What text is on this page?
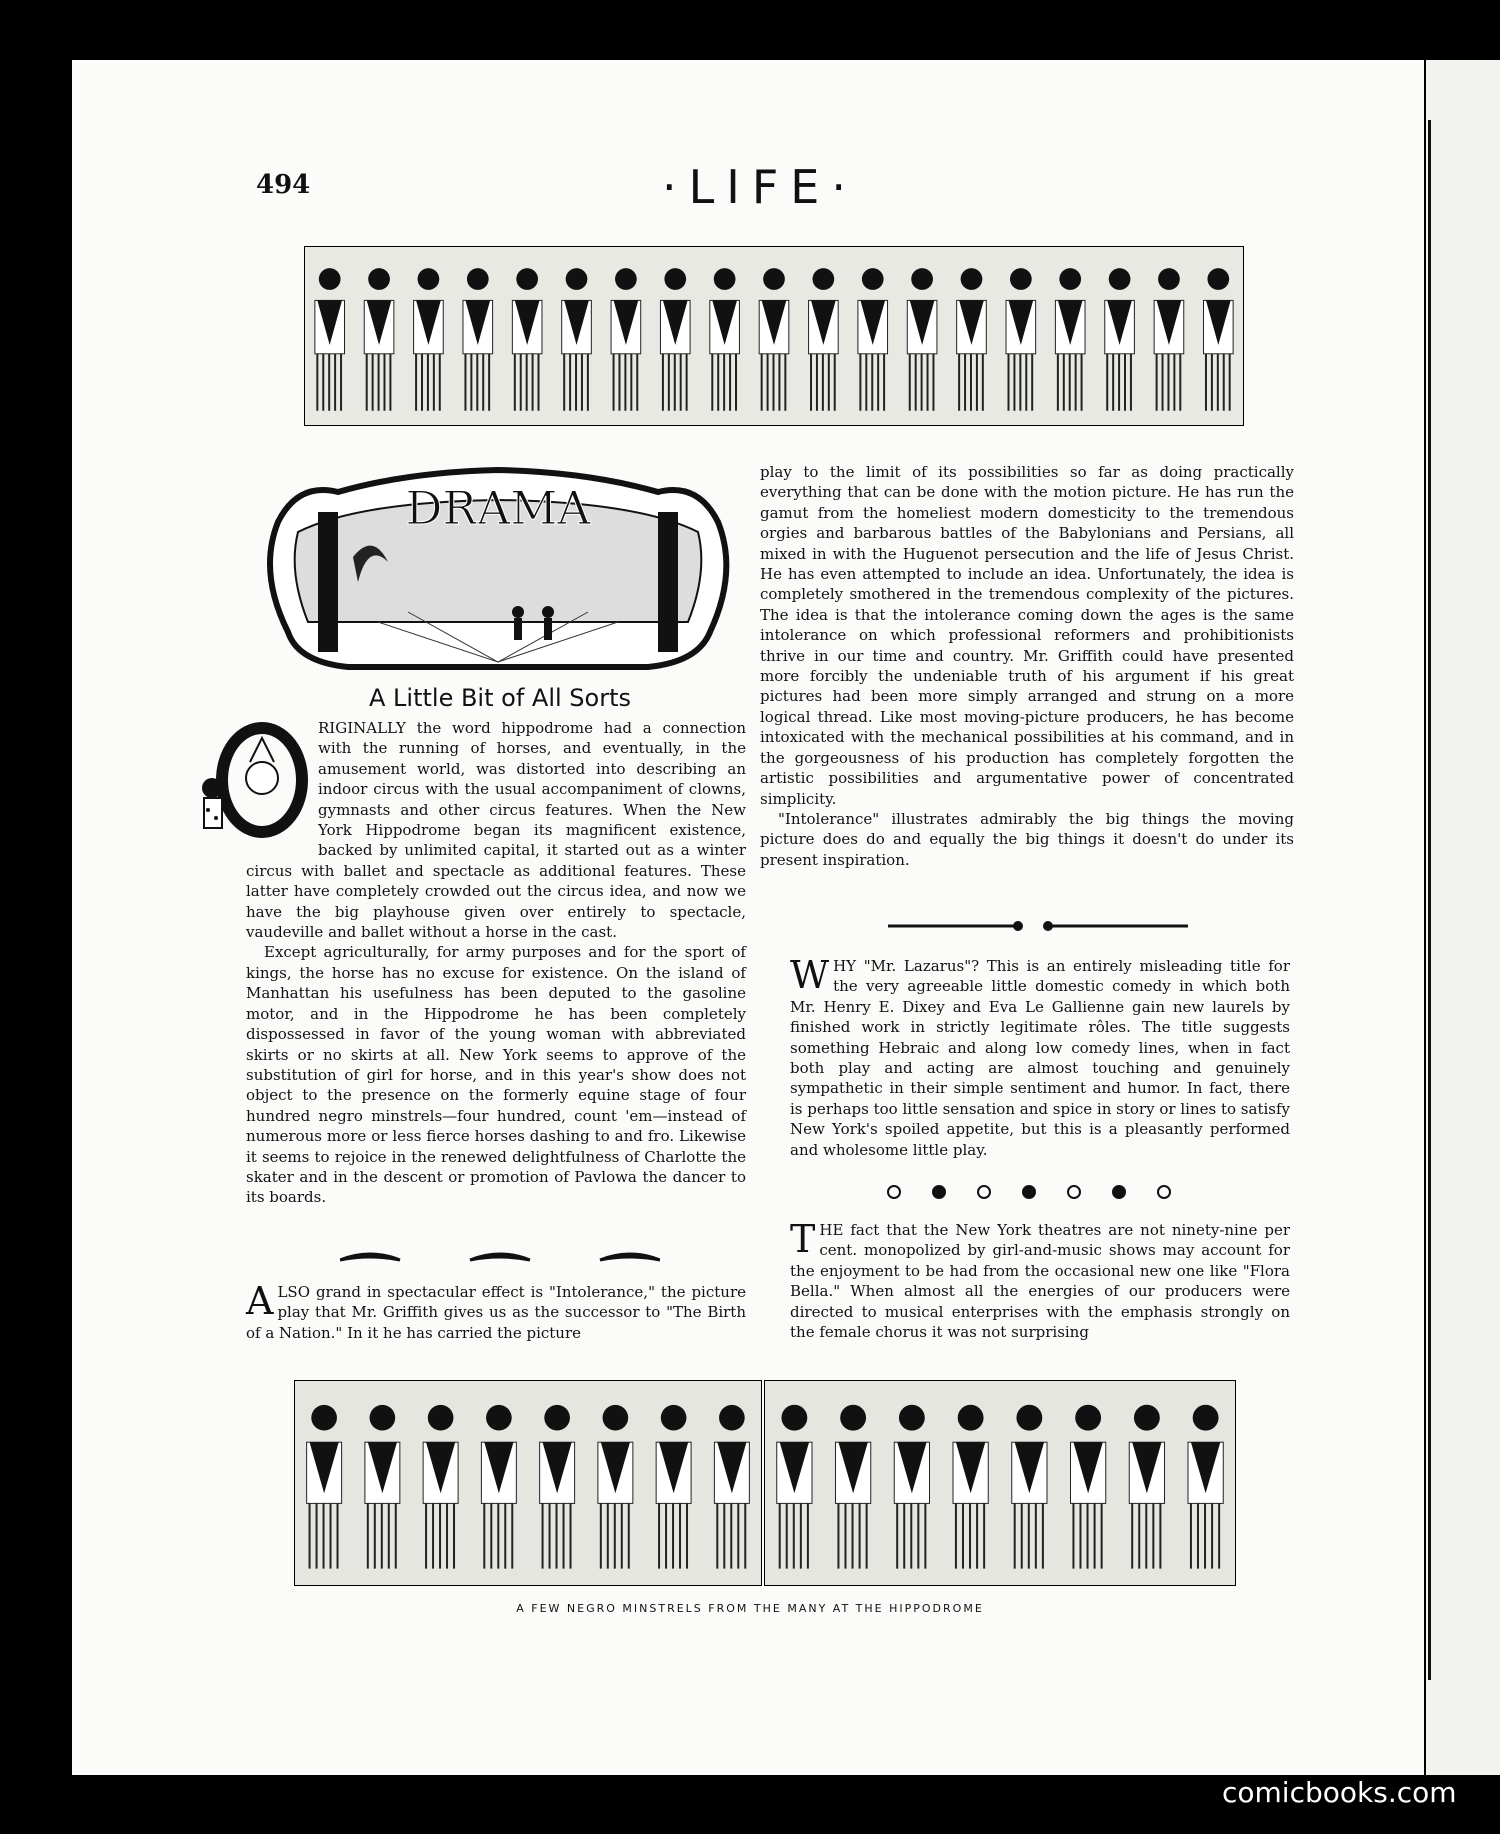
494	·LIFE·
DRAMA
A Little Bit of All Sorts

RIGINALLY the word hippodrome had a connection with the running of horses, and eventually, in the amusement world, was distorted into describing an indoor circus with the usual accompaniment of clowns, gymnasts and other circus features. When the New York Hippodrome began its magnificent existence, backed by unlimited capital, it started out as a winter circus with ballet and spectacle as additional features. These latter have completely crowded out the circus idea, and now we have the big playhouse given over entirely to spectacle, vaudeville and ballet without a horse in the cast.

Except agriculturally, for army purposes and for the sport of kings, the horse has no excuse for existence. On the island of Manhattan his usefulness has been deputed to the gasoline motor, and in the Hippodrome he has been completely dispossessed in favor of the young woman with abbreviated skirts or no skirts at all. New York seems to approve of the substitution of girl for horse, and in this year's show does not object to the presence on the formerly equine stage of four hundred negro minstrels—four hundred, count 'em—instead of numerous more or less fierce horses dashing to and fro. Likewise it seems to rejoice in the renewed delightfulness of Charlotte the skater and in the descent or promotion of Pavlowa the dancer to its boards.

ALSO grand in spectacular effect is "Intolerance," the picture play that Mr. Griffith gives us as the successor to "The Birth of a Nation." In it he has carried the picture

play to the limit of its possibilities so far as doing practically everything that can be done with the motion picture. He has run the gamut from the homeliest modern domesticity to the tremendous orgies and barbarous battles of the Babylonians and Persians, all mixed in with the Huguenot persecution and the life of Jesus Christ. He has even attempted to include an idea. Unfortunately, the idea is completely smothered in the tremendous complexity of the pictures. The idea is that the intolerance coming down the ages is the same intolerance on which professional reformers and prohibitionists thrive in our time and country. Mr. Griffith could have presented more forcibly the undeniable truth of his argument if his great pictures had been more simply arranged and strung on a more logical thread. Like most moving-picture producers, he has become intoxicated with the mechanical possibilities at his command, and in the gorgeousness of his production has completely forgotten the artistic possibilities and argumentative power of concentrated simplicity.

"Intolerance" illustrates admirably the big things the moving picture does do and equally the big things it doesn't do under its present inspiration.

WHY "Mr. Lazarus"? This is an entirely misleading title for the very agreeable little domestic comedy in which both Mr. Henry E. Dixey and Eva Le Gallienne gain new laurels by finished work in strictly legitimate rôles. The title suggests something Hebraic and along low comedy lines, when in fact both play and acting are almost touching and genuinely sympathetic in their simple sentiment and humor. In fact, there is perhaps too little sensation and spice in story or lines to satisfy New York's spoiled appetite, but this is a pleasantly performed and wholesome little play.

THE fact that the New York theatres are not ninety-nine per cent. monopolized by girl-and-music shows may account for the enjoyment to be had from the occasional new one like "Flora Bella." When almost all the energies of our producers were directed to musical enterprises with the emphasis strongly on the female chorus it was not surprising

A FEW NEGRO MINSTRELS FROM THE MANY AT THE HIPPODROME
comicbooks.com
